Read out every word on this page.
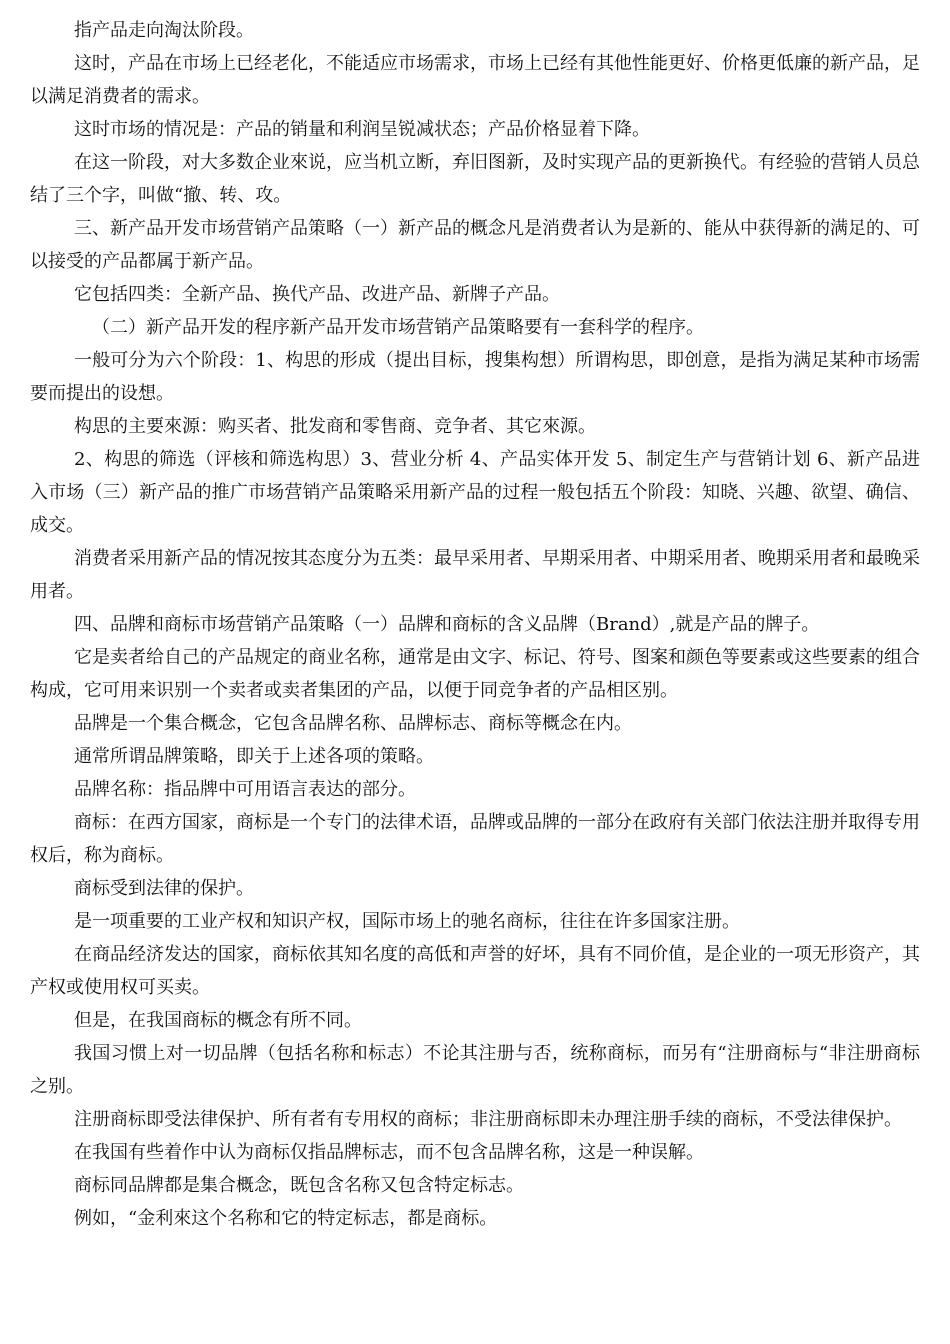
指产品走向淘汰阶段。

这时，产品在市场上已经老化，不能适应市场需求，市场上已经有其他性能更好、价格更低廉的新产品，足以满足消费者的需求。

这时市场的情况是：产品的销量和利润呈锐减状态；产品价格显着下降。

在这一阶段，对大多数企业來说，应当机立断，弃旧图新，及时实现产品的更新换代。有经验的营销人员总结了三个字，叫做“撤、转、攻。

三、新产品开发市场营销产品策略（一）新产品的概念凡是消费者认为是新的、能从中获得新的满足的、可以接受的产品都属于新产品。

它包括四类：全新产品、换代产品、改进产品、新牌子产品。

（二）新产品开发的程序新产品开发市场营销产品策略要有一套科学的程序。

一般可分为六个阶段：1、构思的形成（提出目标，搜集构想）所谓构思，即创意，是指为满足某种市场需要而提出的设想。

构思的主要來源：购买者、批发商和零售商、竞争者、其它來源。

2、构思的筛选（评核和筛选构思）3、营业分析 4、产品实体开发 5、制定生产与营销计划 6、新产品进入市场（三）新产品的推广市场营销产品策略采用新产品的过程一般包括五个阶段：知晓、兴趣、欲望、确信、成交。

消费者采用新产品的情况按其态度分为五类：最早采用者、早期采用者、中期采用者、晚期采用者和最晚采用者。

四、品牌和商标市场营销产品策略（一）品牌和商标的含义品牌（Brand）,就是产品的牌子。

它是卖者给自己的产品规定的商业名称，通常是由文字、标记、符号、图案和颜色等要素或这些要素的组合构成，它可用来识别一个卖者或卖者集团的产品，以便于同竞争者的产品相区别。

品牌是一个集合概念，它包含品牌名称、品牌标志、商标等概念在内。

通常所谓品牌策略，即关于上述各项的策略。

品牌名称：指品牌中可用语言表达的部分。

商标：在西方国家，商标是一个专门的法律术语，品牌或品牌的一部分在政府有关部门依法注册并取得专用权后，称为商标。

商标受到法律的保护。

是一项重要的工业产权和知识产权，国际市场上的驰名商标，往往在许多国家注册。

在商品经济发达的国家，商标依其知名度的高低和声誉的好坏，具有不同价值，是企业的一项无形资产，其产权或使用权可买卖。

但是，在我国商标的概念有所不同。

我国习惯上对一切品牌（包括名称和标志）不论其注册与否，统称商标，而另有“注册商标与“非注册商标之别。

注册商标即受法律保护、所有者有专用权的商标；非注册商标即未办理注册手续的商标，不受法律保护。

在我国有些着作中认为商标仅指品牌标志，而不包含品牌名称，这是一种误解。

商标同品牌都是集合概念，既包含名称又包含特定标志。

例如，“金利來这个名称和它的特定标志，都是商标。
